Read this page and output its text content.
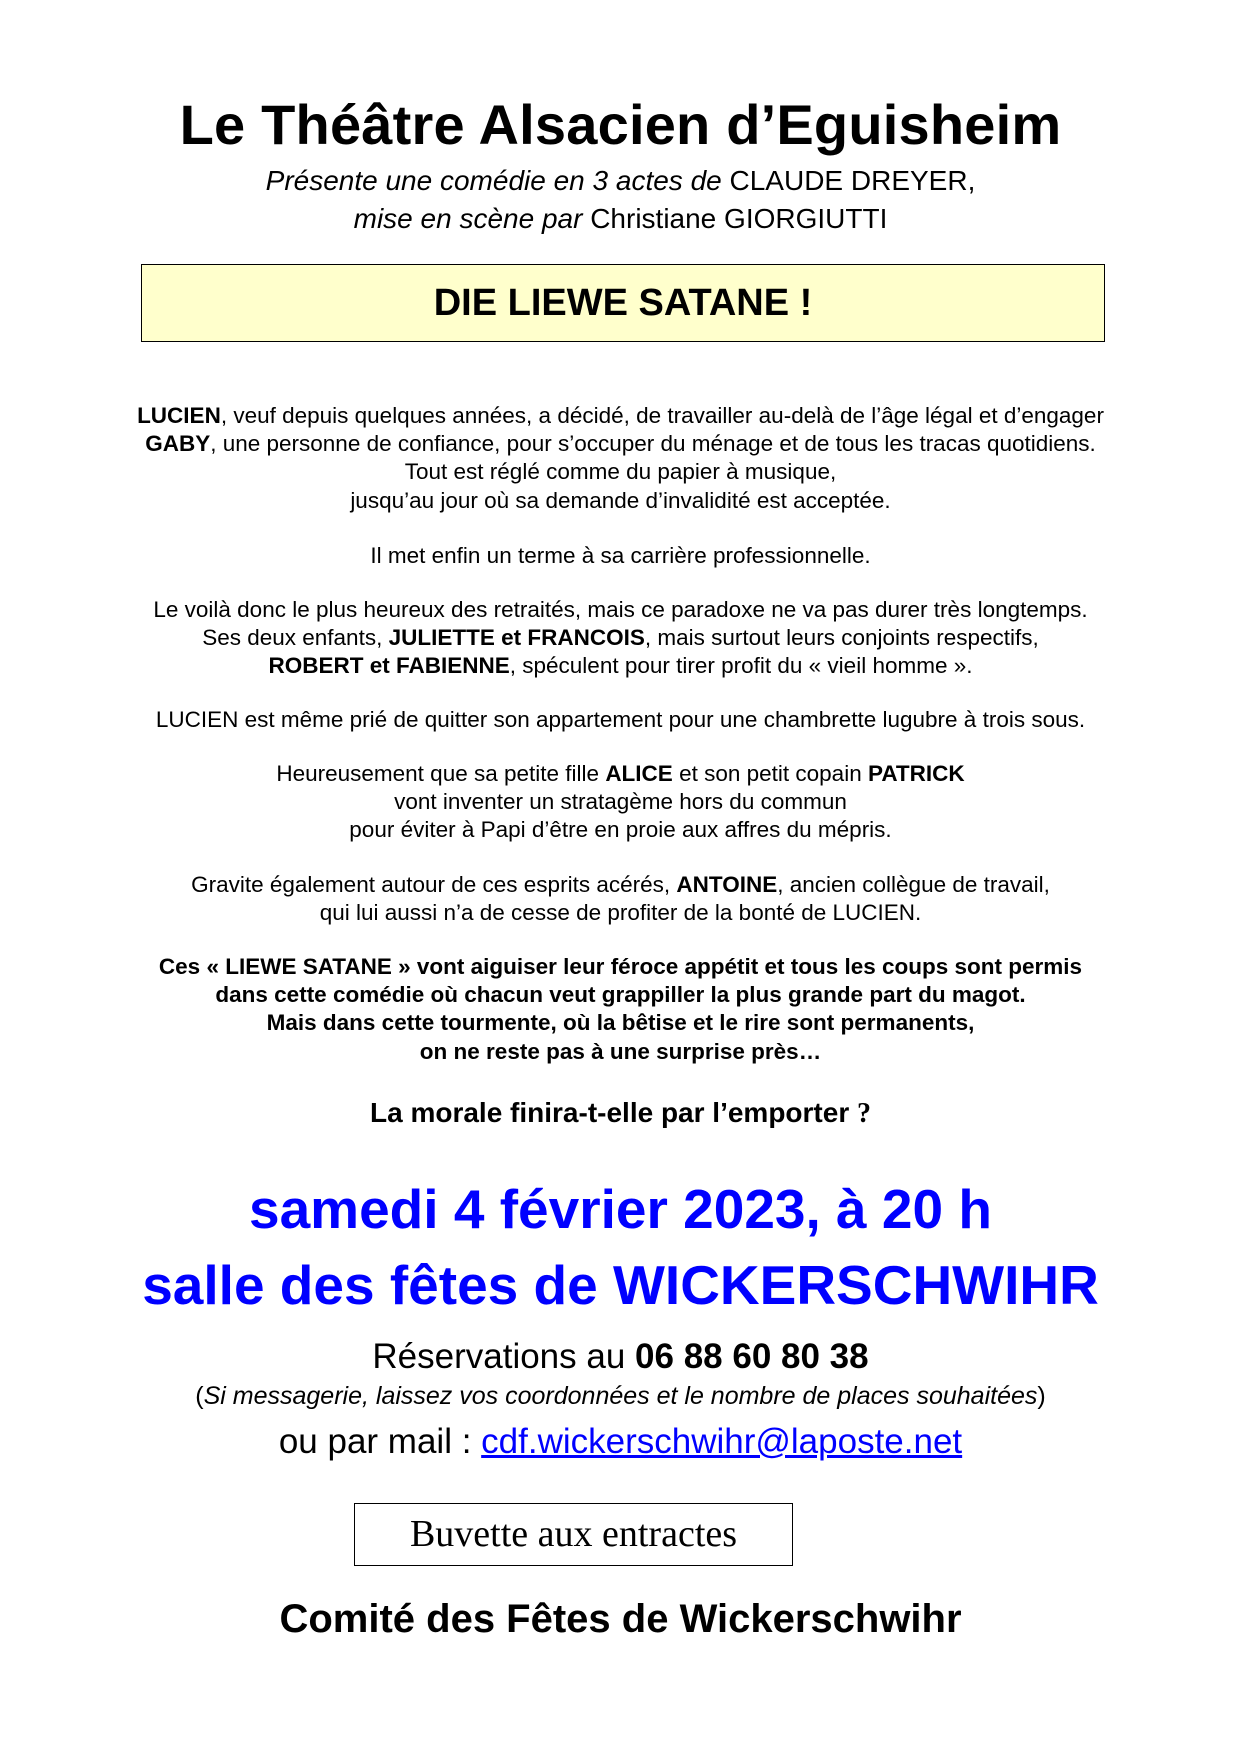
Le Théâtre Alsacien d’Eguisheim
Présente une comédie en 3 actes de CLAUDE DREYER,
mise en scène par Christiane GIORGIUTTI
DIE LIEWE SATANE !
LUCIEN, veuf depuis quelques années, a décidé, de travailler au-delà de l’âge légal et d’engager
GABY, une personne de confiance, pour s’occuper du ménage et de tous les tracas quotidiens.
Tout est réglé comme du papier à musique,
jusqu’au jour où sa demande d’invalidité est acceptée.
Il met enfin un terme à sa carrière professionnelle.
Le voilà donc le plus heureux des retraités, mais ce paradoxe ne va pas durer très longtemps.
Ses deux enfants, JULIETTE et FRANCOIS, mais surtout leurs conjoints respectifs,
ROBERT et FABIENNE, spéculent pour tirer profit du « vieil homme ».
LUCIEN est même prié de quitter son appartement pour une chambrette lugubre à trois sous.
Heureusement que sa petite fille ALICE et son petit copain PATRICK
vont inventer un stratagème hors du commun
pour éviter à Papi d’être en proie aux affres du mépris.
Gravite également autour de ces esprits acérés, ANTOINE, ancien collègue de travail,
qui lui aussi n’a de cesse de profiter de la bonté de LUCIEN.
Ces « LIEWE SATANE » vont aiguiser leur féroce appétit et tous les coups sont permis
dans cette comédie où chacun veut grappiller la plus grande part du magot.
Mais dans cette tourmente, où la bêtise et le rire sont permanents,
on ne reste pas à une surprise près…
La morale finira-t-elle par l’emporter ?
samedi 4 février 2023, à 20 h
salle des fêtes de WICKERSCHWIHR
Réservations au 06 88 60 80 38
(Si messagerie, laissez vos coordonnées et le nombre de places souhaitées)
ou par mail : cdf.wickerschwihr@laposte.net
Buvette aux entractes
Comité des Fêtes de Wickerschwihr
